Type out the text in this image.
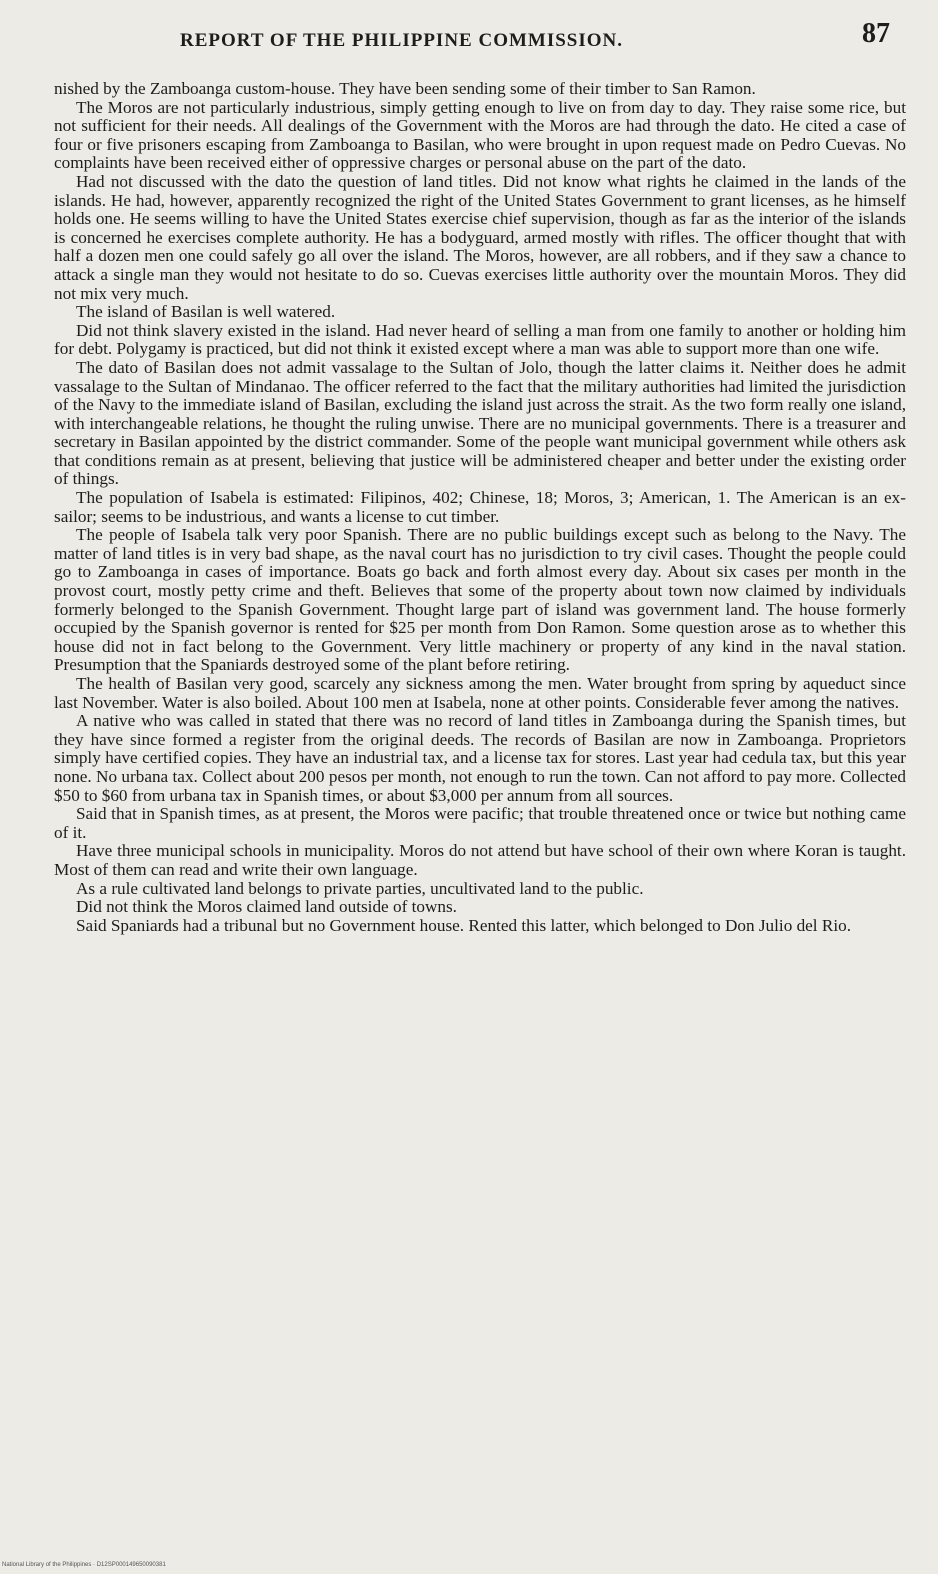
REPORT OF THE PHILIPPINE COMMISSION.	87

nished by the Zamboanga custom-house. They have been sending some of their timber to San Ramon.

The Moros are not particularly industrious, simply getting enough to live on from day to day. They raise some rice, but not sufficient for their needs. All dealings of the Government with the Moros are had through the dato. He cited a case of four or five prisoners escaping from Zamboanga to Basilan, who were brought in upon request made on Pedro Cuevas. No complaints have been received either of oppressive charges or personal abuse on the part of the dato.

Had not discussed with the dato the question of land titles. Did not know what rights he claimed in the lands of the islands. He had, however, apparently recognized the right of the United States Government to grant licenses, as he himself holds one. He seems willing to have the United States exercise chief supervision, though as far as the interior of the islands is concerned he exercises complete authority. He has a bodyguard, armed mostly with rifles. The officer thought that with half a dozen men one could safely go all over the island. The Moros, however, are all robbers, and if they saw a chance to attack a single man they would not hesitate to do so. Cuevas exercises little authority over the mountain Moros. They did not mix very much.

The island of Basilan is well watered.

Did not think slavery existed in the island. Had never heard of selling a man from one family to another or holding him for debt. Polygamy is practiced, but did not think it existed except where a man was able to support more than one wife.

The dato of Basilan does not admit vassalage to the Sultan of Jolo, though the latter claims it. Neither does he admit vassalage to the Sultan of Mindanao. The officer referred to the fact that the military authorities had limited the jurisdiction of the Navy to the immediate island of Basilan, excluding the island just across the strait. As the two form really one island, with interchangeable relations, he thought the ruling unwise. There are no municipal governments. There is a treasurer and secretary in Basilan appointed by the district commander. Some of the people want municipal government while others ask that conditions remain as at present, believing that justice will be administered cheaper and better under the existing order of things.

The population of Isabela is estimated: Filipinos, 402; Chinese, 18; Moros, 3; American, 1. The American is an ex-sailor; seems to be industrious, and wants a license to cut timber.

The people of Isabela talk very poor Spanish. There are no public buildings except such as belong to the Navy. The matter of land titles is in very bad shape, as the naval court has no jurisdiction to try civil cases. Thought the people could go to Zamboanga in cases of importance. Boats go back and forth almost every day. About six cases per month in the provost court, mostly petty crime and theft. Believes that some of the property about town now claimed by individuals formerly belonged to the Spanish Government. Thought large part of island was government land. The house formerly occupied by the Spanish governor is rented for $25 per month from Don Ramon. Some question arose as to whether this house did not in fact belong to the Government. Very little machinery or property of any kind in the naval station. Presumption that the Spaniards destroyed some of the plant before retiring.

The health of Basilan very good, scarcely any sickness among the men. Water brought from spring by aqueduct since last November. Water is also boiled. About 100 men at Isabela, none at other points. Considerable fever among the natives.

A native who was called in stated that there was no record of land titles in Zamboanga during the Spanish times, but they have since formed a register from the original deeds. The records of Basilan are now in Zamboanga. Proprietors simply have certified copies. They have an industrial tax, and a license tax for stores. Last year had cedula tax, but this year none. No urbana tax. Collect about 200 pesos per month, not enough to run the town. Can not afford to pay more. Collected $50 to $60 from urbana tax in Spanish times, or about $3,000 per annum from all sources.

Said that in Spanish times, as at present, the Moros were pacific; that trouble threatened once or twice but nothing came of it.

Have three municipal schools in municipality. Moros do not attend but have school of their own where Koran is taught. Most of them can read and write their own language.

As a rule cultivated land belongs to private parties, uncultivated land to the public.

Did not think the Moros claimed land outside of towns.

Said Spaniards had a tribunal but no Government house. Rented this latter, which belonged to Don Julio del Rio.

National Library of the Philippines · D12SP000149650090381
